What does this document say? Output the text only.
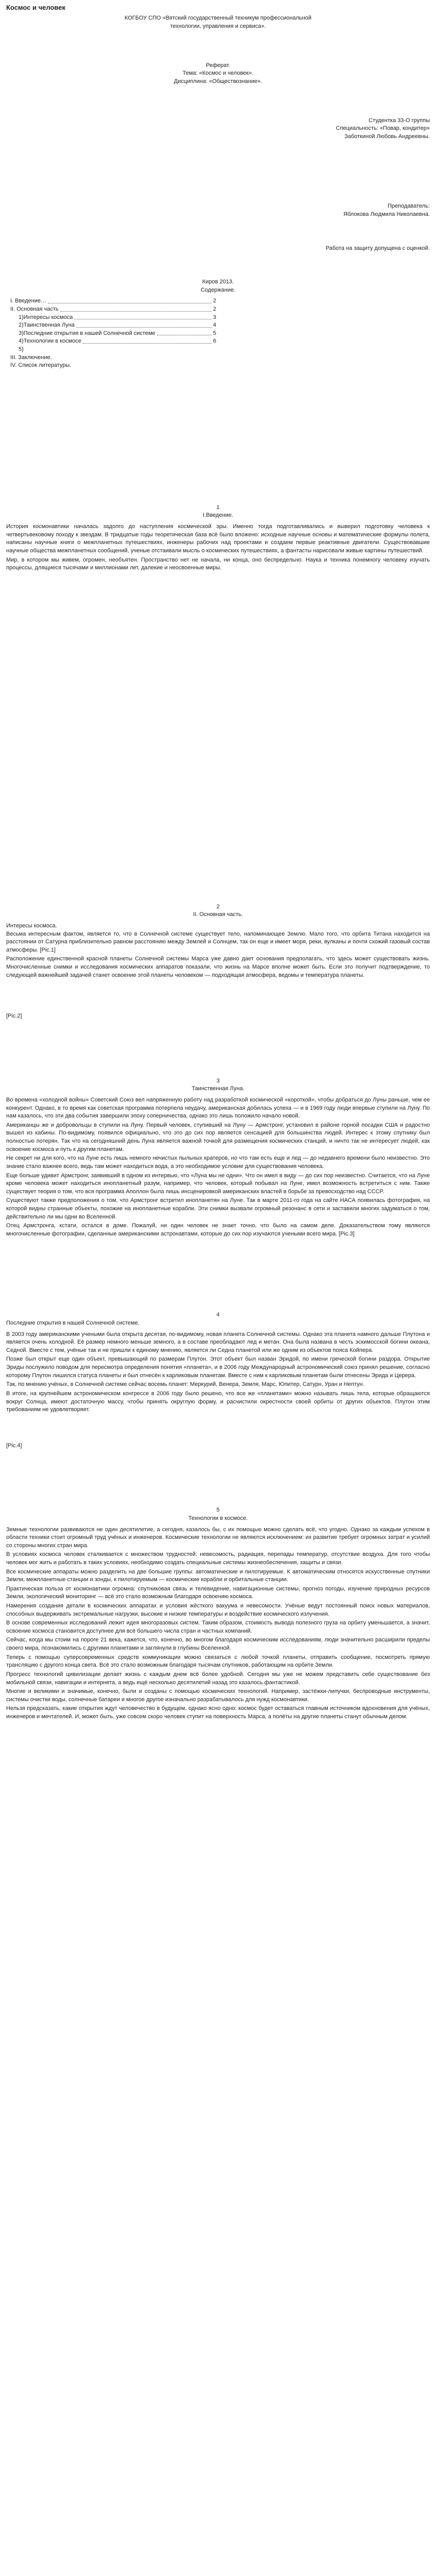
Космос и человек
КОГБОУ СПО «Вятский государственный техникум профессиональной
технологии, управления и сервиса».
Реферат.
Тема: «Космос и человек».
Дисциплина: «Обществознание».
Студентка 33-О группы
Специальность: «Повар, кондитер»
Заботкиной Любовь Андреевны.
Преподаватель:
Яблокова Людмила Николаевна.
Работа на защиту допущена с оценкой.
Киров 2013.
Содержание.
I. Введение…	2
II. Основная часть	2
1)Интересы космоса	3
2)Таинственная Луна	4
3)Последние открытия в нашей Солнечной системе	5
4)Технологии в космосе	6
5)
III. Заключение.
IV. Список литературы.
1
I.Введение.

История космонавтики началась задолго до наступления космической эры. Именно тогда подготавливались и выверил подготовку человека к четвертьвековому походу к звездам. В тридцатые годы теоретическая база всё было вложено: исходные научные основы и математические формулы полета, написаны научные книги о межпланетных путешествиях, инженеры рабочих над проектами и создаем первые реактивные двигатели. Существовавшие научные общества межпланетных сообщений, ученые отстаивали мысль о космических путешествиях, а фантасты нарисовали живые картины путешествий.

Мир, в котором мы живем, огромен, необъятен. Пространство нет не начала, ни конца, оно беспредельно. Наука и техника понемногу человеку изучать процессы, длящиеся тысячами и миллионами лет, далекие и неосвоенные миры.

2
II. Основная часть.
Интересы космоса.

Весьма интересным фактом, является то, что в Солнечной системе существует тело, напоминающее Землю. Мало того, что орбита Титана находится на расстоянии от Сатурна приблизительно равном расстоянию между Землей и Солнцем, так он еще и имеет моря, реки, вулканы и почти схожий газовый состав атмосферы. [Pic.1]

Расположение единственной красной планеты Солнечной системы Марса уже давно дает основания предполагать, что здесь может существовать жизнь. Многочисленные снимки и исследования космических аппаратов показали, что жизнь на Марсе вполне может быть. Если это получит подтверждение, то следующей важнейшей задачей станет освоение этой планеты человеком — подходящая атмосфера, ведомы и температура планеты.

[Pic.2]
3
Таинственная Луна.

Во времена «холодной войны» Советский Союз вел напряженную работу над разработкой космической «короткой», чтобы добраться до Луны раньше, чем ее конкурент. Однако, в то время как советская программа потерпела неудачу, американская добилась успеха — и в 1969 году люди впервые ступили на Луну. По нам казалось, что эти два события завершили эпоху соперничества, однако это лишь положило начало новой.

Американцы же и добровольцы в ступили на Луну. Первый человек, ступивший на Луну — Армстронг, установил в районе горной посадки США и радостно вышел из кабины. По-видимому, появился официально, что это до сих пор является сенсацией для большинства людей. Интерес к этому спутнику был полностью потерян. Так что на сегодняшний день Луна является важной точкой для размещения космических станций, и ничто так не интересует людей, как освоение космоса и путь к другим планетам.

Не секрет ни для кого, что на Луне есть лишь немного нечистых пыльных кратеров, но что там есть еще и лед — до недавнего времени было неизвестно. Это знание стало важнее всего, ведь там может находиться вода, а это необходимое условие для существования человека.

Еще больше удивит Армстронг, заявивший в одном из интервью, что «Луна мы не одни». Что он имел в виду — до сих пор неизвестно. Считается, что на Луне кроме человека может находиться инопланетный разум, например, что человек, который побывал на Луне, имел возможность встретиться с ним. Также существует теория о том, что вся программа Аполлон была лишь инсценировкой американских властей в борьбе за превосходство над СССР.

Существуют также предположения о том, что Армстронг встретил инопланетян на Луне. Так в марте 2011-го года на сайте НАСА появилась фотография, на которой видны странные объекты, похожие на инопланетные корабли. Эти снимки вызвали огромный резонанс в сети и заставили многих задуматься о том, действительно ли мы одни во Вселенной.

Отец Армстронга, кстати, остался в доме. Пожалуй, ни один человек не знает точно, что было на самом деле. Доказательством тому являются многочисленные фотографии, сделанные американскими астронавтами, которые до сих пор изучаются учеными всего мира. [Pic.3]

4
Последние открытия в нашей Солнечной системе.

В 2003 году американскими учеными была открыта десятая, по-видимому, новая планета Солнечной системы. Однако эта планета намного дальше Плутона и является очень холодной. Её размер немного меньше земного, а в составе преобладают лед и метан. Она была названа в честь эскимосской богини океана, Седной. Вместе с тем, учёные так и не пришли к единому мнению, является ли Седна планетой или же одним из объектов пояса Койпера.

Позже был открыт еще один объект, превышающий по размерам Плутон. Этот объект был назван Эридой, по имени греческой богини раздора. Открытие Эриды послужило поводом для пересмотра определения понятия «планета», и в 2006 году Международный астрономический союз принял решение, согласно которому Плутон лишился статуса планеты и был отнесён к карликовым планетам. Вместе с ним к карликовым планетам были отнесены Эрида и Церера.

Так, по мнению учёных, в Солнечной системе сейчас восемь планет: Меркурий, Венера, Земля, Марс, Юпитер, Сатурн, Уран и Нептун.

В итоге, на крупнейшем астрономическом конгрессе в 2006 году было решено, что все же «планетами» можно называть лишь тела, которые обращаются вокруг Солнца, имеют достаточную массу, чтобы принять округлую форму, и расчистили окрестности своей орбиты от других объектов. Плутон этим требованиям не удовлетворяет.

[Pic.4]
5
Технологии в космосе.

Земные технологии развиваются не один десятилетие, а сегодня, казалось бы, с их помощью можно сделать всё, что угодно. Однако за каждым успехом в области техники стоит огромный труд учёных и инженеров. Космические технологии не являются исключением: их развитие требует огромных затрат и усилий со стороны многих стран мира.

В условиях космоса человек сталкивается с множеством трудностей: невесомость, радиация, перепады температур, отсутствие воздуха. Для того чтобы человек мог жить и работать в таких условиях, необходимо создать специальные системы жизнеобеспечения, защиты и связи.

Все космические аппараты можно разделить на две большие группы: автоматические и пилотируемые. К автоматическим относятся искусственные спутники Земли, межпланетные станции и зонды, к пилотируемым — космические корабли и орбитальные станции.

Практическая польза от космонавтики огромна: спутниковая связь и телевидение, навигационные системы, прогноз погоды, изучение природных ресурсов Земли, экологический мониторинг — всё это стало возможным благодаря освоению космоса.

Намерения создания детали в космических аппаратах и условия жёсткого вакуума и невесомости. Учёные ведут постоянный поиск новых материалов, способных выдерживать экстремальные нагрузки, высокие и низкие температуры и воздействие космического излучения.

В основе современных исследований лежит идея многоразовых систем. Таким образом, стоимость вывода полезного груза на орбиту уменьшается, а значит, освоение космоса становится доступнее для всё большего числа стран и частных компаний.

Сейчас, когда мы стоим на пороге 21 века, кажется, что, конечно, во многом благодаря космическим исследованиям, люди значительно расширили пределы своего мира, познакомились с другими планетами и заглянули в глубины Вселенной.

Теперь с помощью суперсовременных средств коммуникации можно связаться с любой точкой планеты, отправить сообщение, посмотреть прямую трансляцию с другого конца света. Всё это стало возможным благодаря тысячам спутников, работающим на орбите Земли.

Прогресс технологий цивилизации делает жизнь с каждым днем всё более удобной. Сегодня мы уже не можем представить себе существование без мобильной связи, навигации и интернета, а ведь ещё несколько десятилетий назад это казалось фантастикой.

Многие и великими и значимые, конечно, были и созданы с помощью космических технологий. Например, застёжки-липучки, беспроводные инструменты, системы очистки воды, солнечные батареи и многое другое изначально разрабатывалось для нужд космонавтики.

Нельзя предсказать, какие открытия ждут человечество в будущем, однако ясно одно: космос будет оставаться главным источником вдохновения для учёных, инженеров и мечтателей. И, может быть, уже совсем скоро человек ступит на поверхность Марса, а полёты на другие планеты станут обычным делом.
